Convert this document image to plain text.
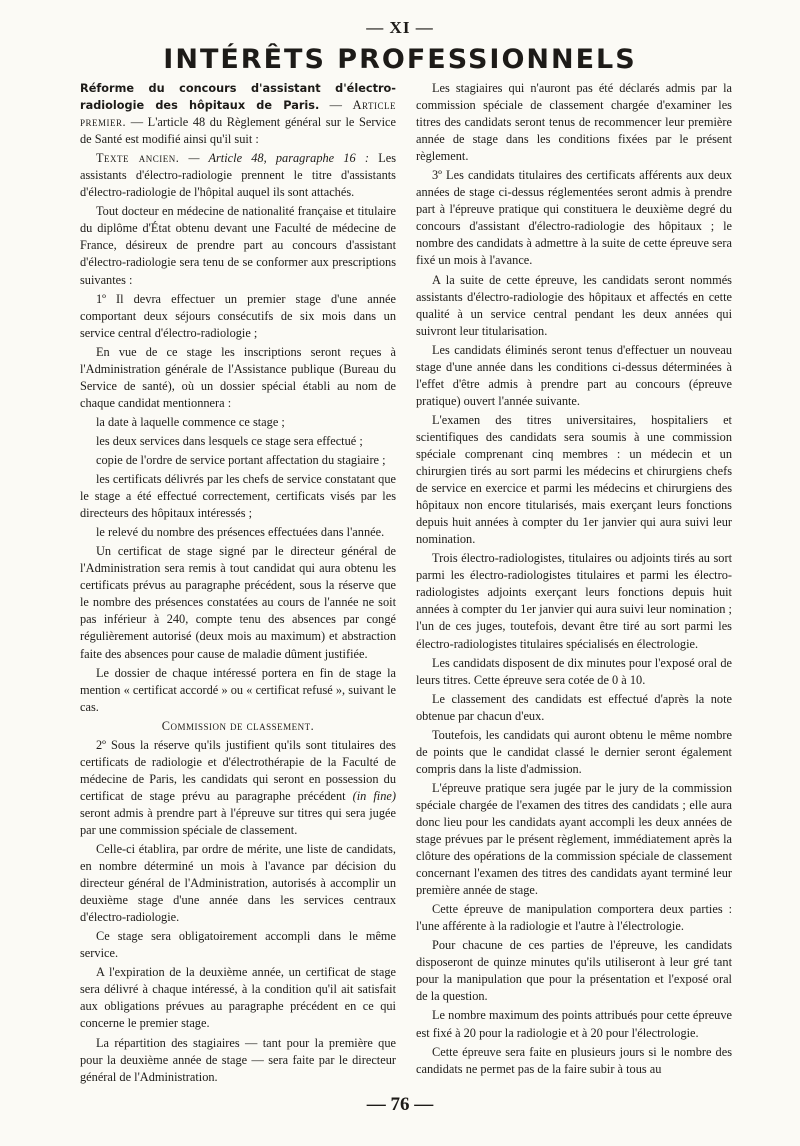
— XI —
INTÉRÊTS PROFESSIONNELS

Réforme du concours d'assistant d'électro-radiologie des hôpitaux de Paris. — Article premier. — L'article 48 du Règlement général sur le Service de Santé est modifié ainsi qu'il suit :

Texte ancien. — Article 48, paragraphe 16 : Les assistants d'électro-radiologie prennent le titre d'assistants d'électro-radiologie de l'hôpital auquel ils sont attachés.

Tout docteur en médecine de nationalité française et titulaire du diplôme d'État obtenu devant une Faculté de médecine de France, désireux de prendre part au concours d'assistant d'électro-radiologie sera tenu de se conformer aux prescriptions suivantes :

1º Il devra effectuer un premier stage d'une année comportant deux séjours consécutifs de six mois dans un service central d'électro-radiologie ;

En vue de ce stage les inscriptions seront reçues à l'Administration générale de l'Assistance publique (Bureau du Service de santé), où un dossier spécial établi au nom de chaque candidat mentionnera :

la date à laquelle commence ce stage ;

les deux services dans lesquels ce stage sera effectué ;

copie de l'ordre de service portant affectation du stagiaire ;

les certificats délivrés par les chefs de service constatant que le stage a été effectué correctement, certificats visés par les directeurs des hôpitaux intéressés ;

le relevé du nombre des présences effectuées dans l'année.

Un certificat de stage signé par le directeur général de l'Administration sera remis à tout candidat qui aura obtenu les certificats prévus au paragraphe précédent, sous la réserve que le nombre des présences constatées au cours de l'année ne soit pas inférieur à 240, compte tenu des absences par congé régulièrement autorisé (deux mois au maximum) et abstraction faite des absences pour cause de maladie dûment justifiée.

Le dossier de chaque intéressé portera en fin de stage la mention « certificat accordé » ou « certificat refusé », suivant le cas.

Commission de classement.

2º Sous la réserve qu'ils justifient qu'ils sont titulaires des certificats de radiologie et d'électrothérapie de la Faculté de médecine de Paris, les candidats qui seront en possession du certificat de stage prévu au paragraphe précédent (in fine) seront admis à prendre part à l'épreuve sur titres qui sera jugée par une commission spéciale de classement.

Celle-ci établira, par ordre de mérite, une liste de candidats, en nombre déterminé un mois à l'avance par décision du directeur général de l'Administration, autorisés à accomplir un deuxième stage d'une année dans les services centraux d'électro-radiologie.

Ce stage sera obligatoirement accompli dans le même service.

A l'expiration de la deuxième année, un certificat de stage sera délivré à chaque intéressé, à la condition qu'il ait satisfait aux obligations prévues au paragraphe précédent en ce qui concerne le premier stage.

La répartition des stagiaires — tant pour la première que pour la deuxième année de stage — sera faite par le directeur général de l'Administration.

Les stagiaires qui n'auront pas été déclarés admis par la commission spéciale de classement chargée d'examiner les titres des candidats seront tenus de recommencer leur première année de stage dans les conditions fixées par le présent règlement.

3º Les candidats titulaires des certificats afférents aux deux années de stage ci-dessus réglementées seront admis à prendre part à l'épreuve pratique qui constituera le deuxième degré du concours d'assistant d'électro-radiologie des hôpitaux ; le nombre des candidats à admettre à la suite de cette épreuve sera fixé un mois à l'avance.

A la suite de cette épreuve, les candidats seront nommés assistants d'électro-radiologie des hôpitaux et affectés en cette qualité à un service central pendant les deux années qui suivront leur titularisation.

Les candidats éliminés seront tenus d'effectuer un nouveau stage d'une année dans les conditions ci-dessus déterminées à l'effet d'être admis à prendre part au concours (épreuve pratique) ouvert l'année suivante.

L'examen des titres universitaires, hospitaliers et scientifiques des candidats sera soumis à une commission spéciale comprenant cinq membres : un médecin et un chirurgien tirés au sort parmi les médecins et chirurgiens chefs de service en exercice et parmi les médecins et chirurgiens des hôpitaux non encore titularisés, mais exerçant leurs fonctions depuis huit années à compter du 1er janvier qui aura suivi leur nomination.

Trois électro-radiologistes, titulaires ou adjoints tirés au sort parmi les électro-radiologistes titulaires et parmi les électro-radiologistes adjoints exerçant leurs fonctions depuis huit années à compter du 1er janvier qui aura suivi leur nomination ; l'un de ces juges, toutefois, devant être tiré au sort parmi les électro-radiologistes titulaires spécialisés en électrologie.

Les candidats disposent de dix minutes pour l'exposé oral de leurs titres. Cette épreuve sera cotée de 0 à 10.

Le classement des candidats est effectué d'après la note obtenue par chacun d'eux.

Toutefois, les candidats qui auront obtenu le même nombre de points que le candidat classé le dernier seront également compris dans la liste d'admission.

L'épreuve pratique sera jugée par le jury de la commission spéciale chargée de l'examen des titres des candidats ; elle aura donc lieu pour les candidats ayant accompli les deux années de stage prévues par le présent règlement, immédiatement après la clôture des opérations de la commission spéciale de classement concernant l'examen des titres des candidats ayant terminé leur première année de stage.

Cette épreuve de manipulation comportera deux parties : l'une afférente à la radiologie et l'autre à l'électrologie.

Pour chacune de ces parties de l'épreuve, les candidats disposeront de quinze minutes qu'ils utiliseront à leur gré tant pour la manipulation que pour la présentation et l'exposé oral de la question.

Le nombre maximum des points attribués pour cette épreuve est fixé à 20 pour la radiologie et à 20 pour l'électrologie.

Cette épreuve sera faite en plusieurs jours si le nombre des candidats ne permet pas de la faire subir à tous au

— 76 —
